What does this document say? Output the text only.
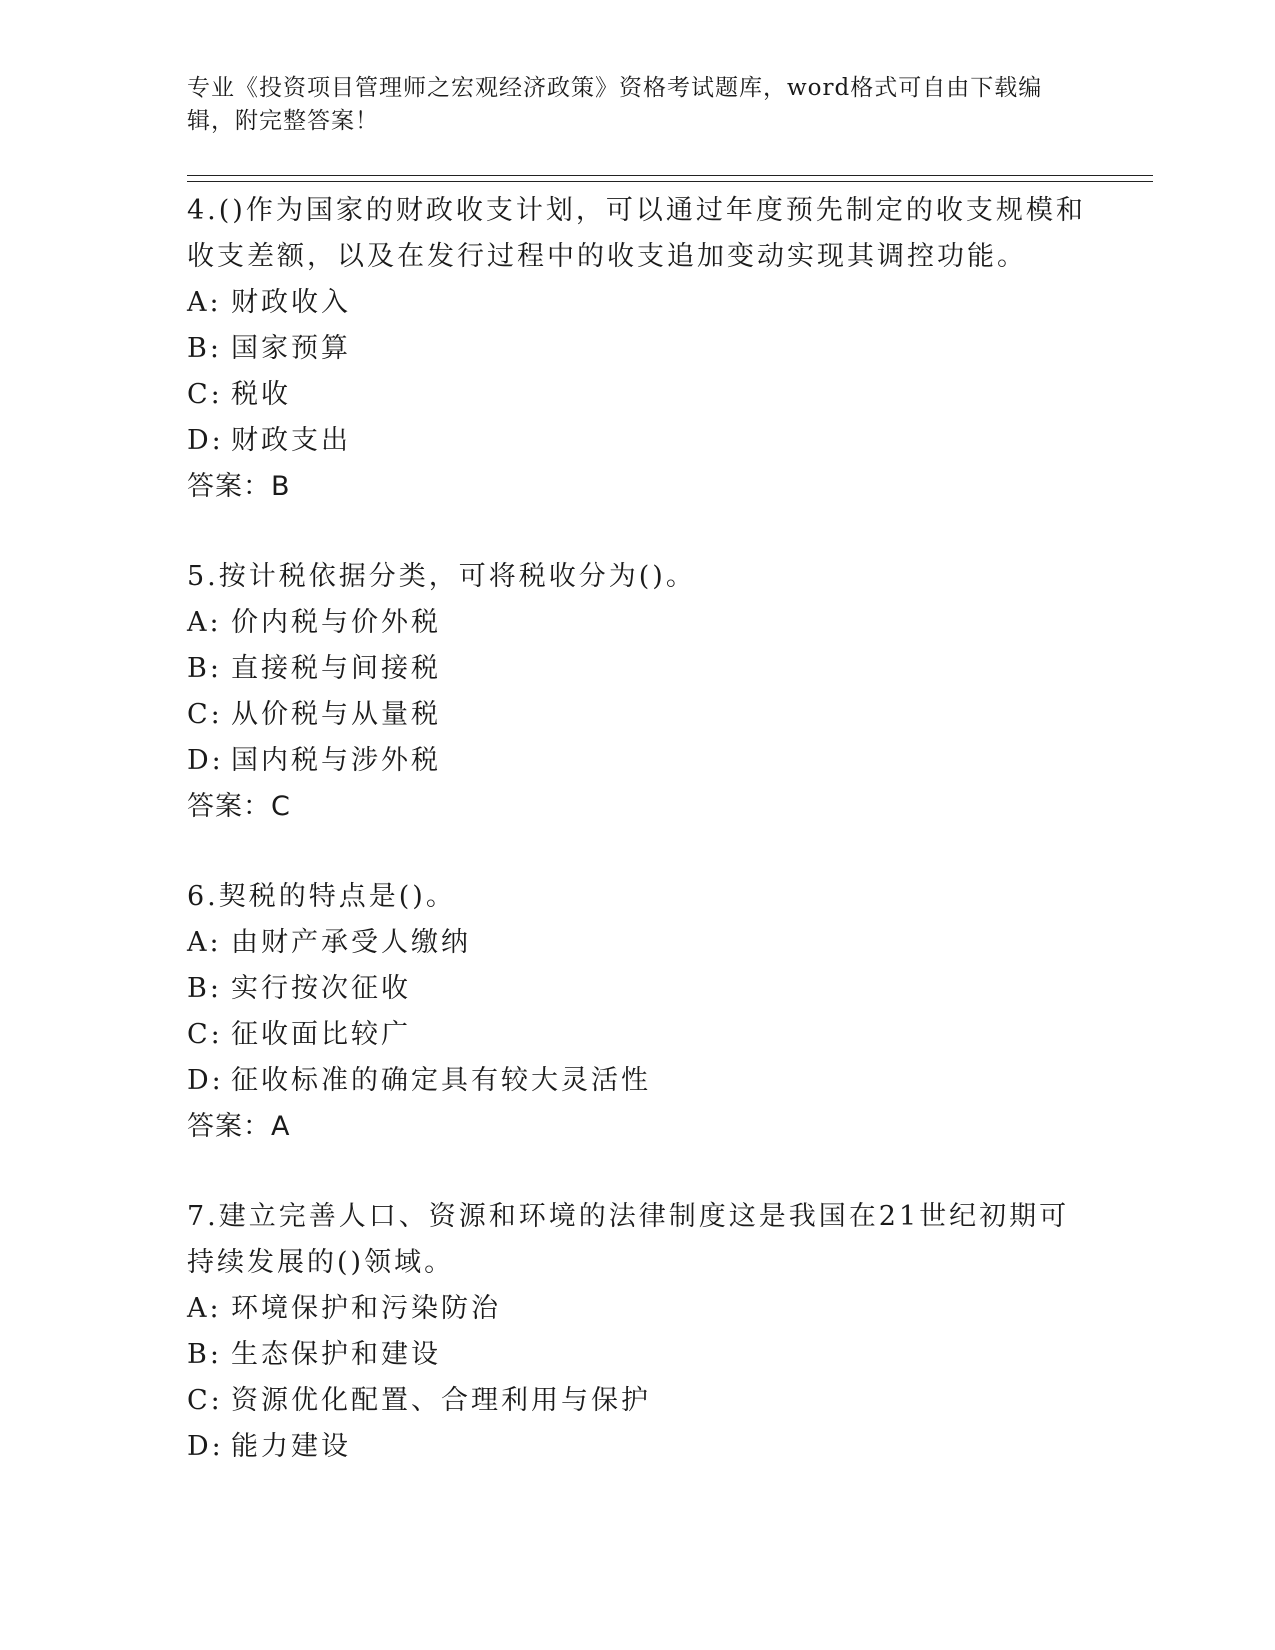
专业《投资项目管理师之宏观经济政策》资格考试题库，word格式可自由下载编辑，附完整答案！

4.()作为国家的财政收支计划，可以通过年度预先制定的收支规模和收支差额，以及在发行过程中的收支追加变动实现其调控功能。

A: 财政收入

B: 国家预算

C: 税收

D: 财政支出

答案：B

5.按计税依据分类，可将税收分为()。

A: 价内税与价外税

B: 直接税与间接税

C: 从价税与从量税

D: 国内税与涉外税

答案：C

6.契税的特点是()。

A: 由财产承受人缴纳

B: 实行按次征收

C: 征收面比较广

D: 征收标准的确定具有较大灵活性

答案：A

7.建立完善人口、资源和环境的法律制度这是我国在21世纪初期可持续发展的()领域。

A: 环境保护和污染防治

B: 生态保护和建设

C: 资源优化配置、合理利用与保护

D: 能力建设
